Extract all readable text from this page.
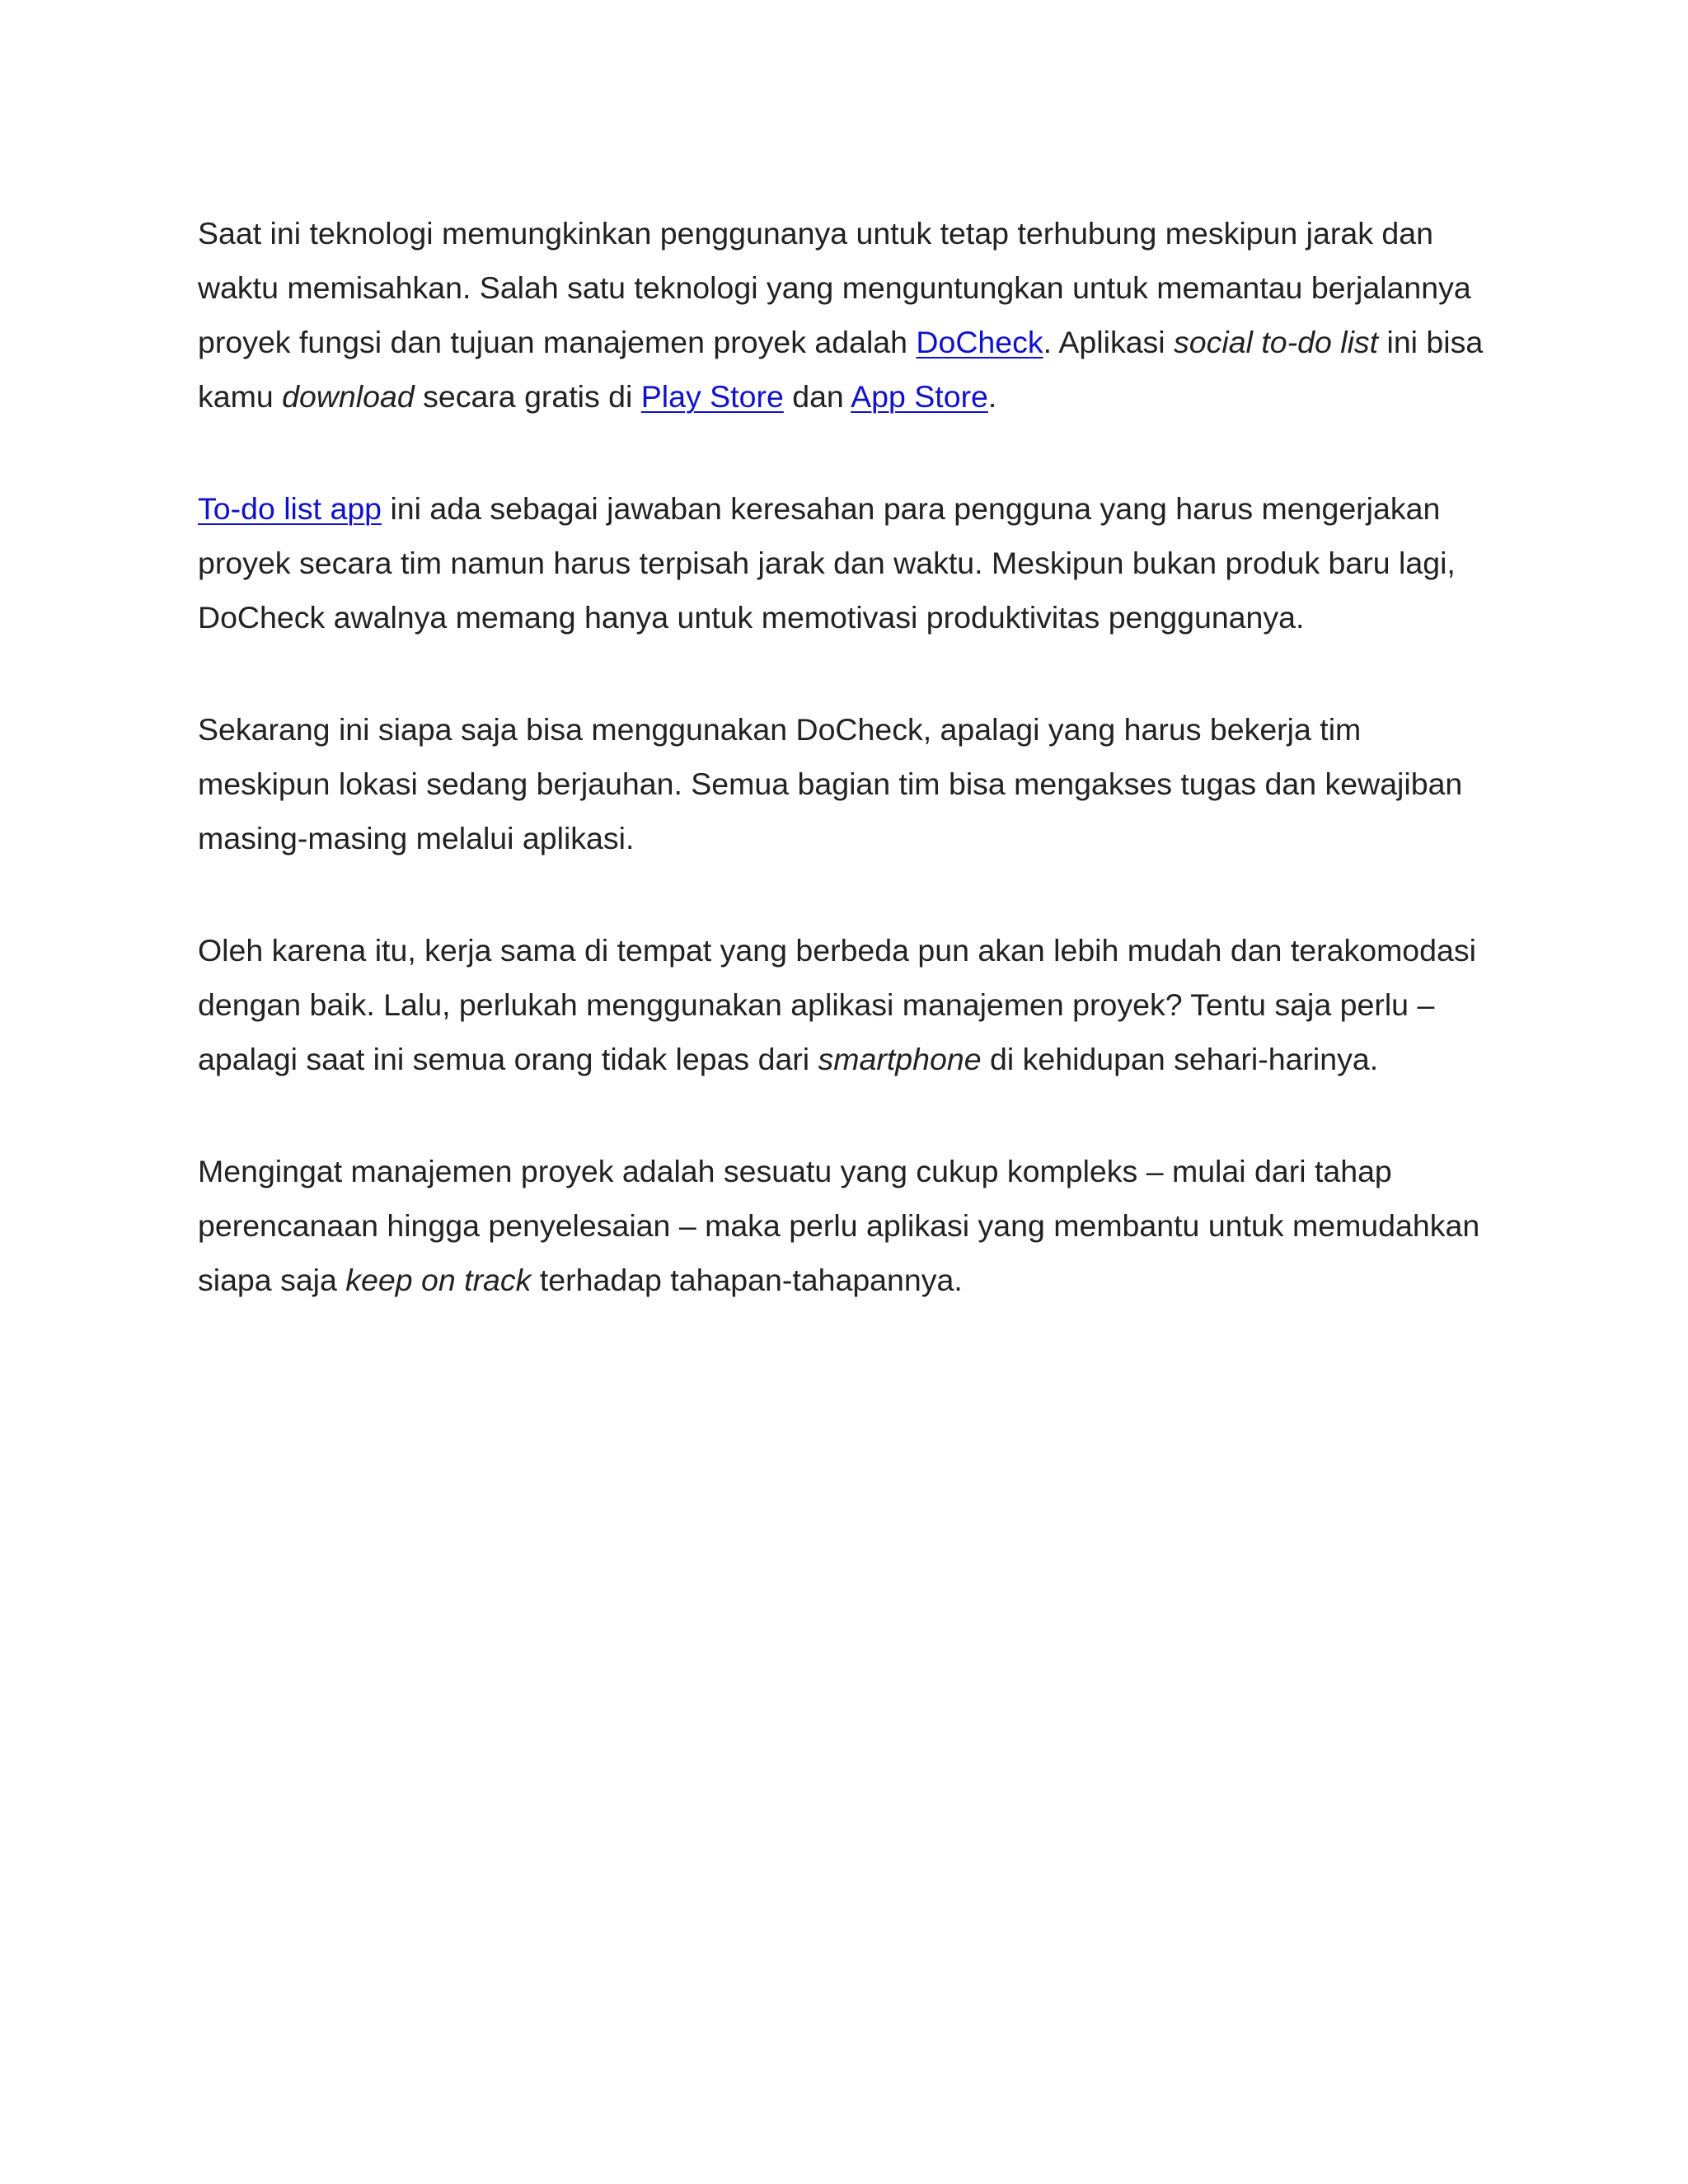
Saat ini teknologi memungkinkan penggunanya untuk tetap terhubung meskipun jarak dan waktu memisahkan. Salah satu teknologi yang menguntungkan untuk memantau berjalannya proyek fungsi dan tujuan manajemen proyek adalah DoCheck. Aplikasi social to-do list ini bisa kamu download secara gratis di Play Store dan App Store.

To-do list app ini ada sebagai jawaban keresahan para pengguna yang harus mengerjakan proyek secara tim namun harus terpisah jarak dan waktu. Meskipun bukan produk baru lagi, DoCheck awalnya memang hanya untuk memotivasi produktivitas penggunanya.

Sekarang ini siapa saja bisa menggunakan DoCheck, apalagi yang harus bekerja tim meskipun lokasi sedang berjauhan. Semua bagian tim bisa mengakses tugas dan kewajiban masing-masing melalui aplikasi.

Oleh karena itu, kerja sama di tempat yang berbeda pun akan lebih mudah dan terakomodasi dengan baik. Lalu, perlukah menggunakan aplikasi manajemen proyek? Tentu saja perlu – apalagi saat ini semua orang tidak lepas dari smartphone di kehidupan sehari-harinya.

Mengingat manajemen proyek adalah sesuatu yang cukup kompleks – mulai dari tahap perencanaan hingga penyelesaian – maka perlu aplikasi yang membantu untuk memudahkan siapa saja keep on track terhadap tahapan-tahapannya.
